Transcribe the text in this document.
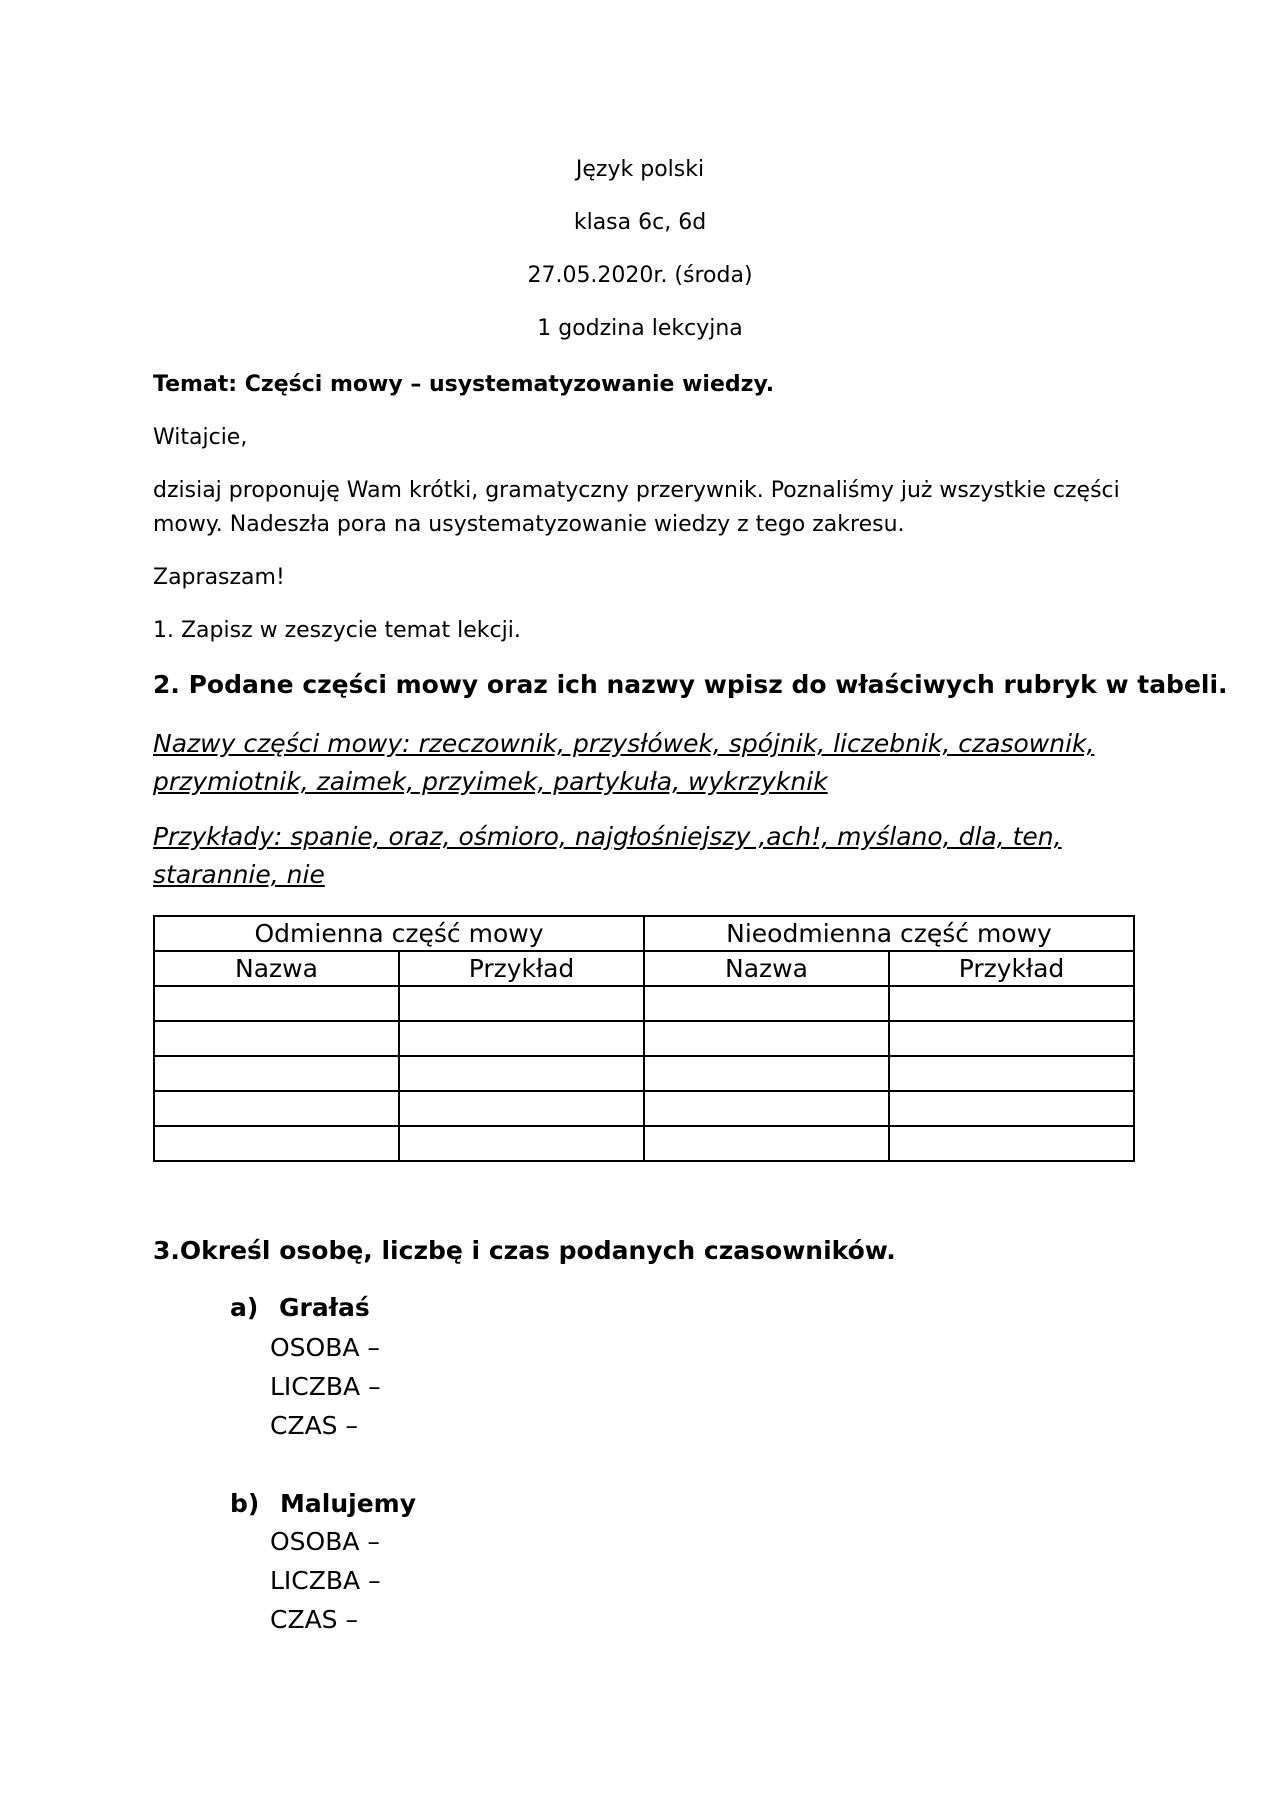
Język polski
klasa 6c, 6d
27.05.2020r. (środa)
1 godzina lekcyjna
Temat: Części mowy – usystematyzowanie wiedzy.
Witajcie,
dzisiaj proponuję Wam krótki, gramatyczny przerywnik. Poznaliśmy już wszystkie części mowy. Nadeszła pora na usystematyzowanie wiedzy z tego zakresu.
Zapraszam!
1. Zapisz w zeszycie temat lekcji.
2. Podane części mowy oraz ich nazwy wpisz do właściwych rubryk w tabeli.
Nazwy części mowy: rzeczownik, przysłówek, spójnik, liczebnik, czasownik, przymiotnik, zaimek, przyimek, partykuła, wykrzyknik
Przykłady: spanie, oraz, ośmioro, najgłośniejszy ,ach!, myślano, dla, ten, starannie, nie
Odmienna część mowy		Nieodmienna część mowy	
Nazwa	Przykład	Nazwa	Przykład

3.Określ osobę, liczbę i czas podanych czasowników.
a) Grałaś
OSOBA –
LICZBA –
CZAS –
b) Malujemy
OSOBA –
LICZBA –
CZAS –
